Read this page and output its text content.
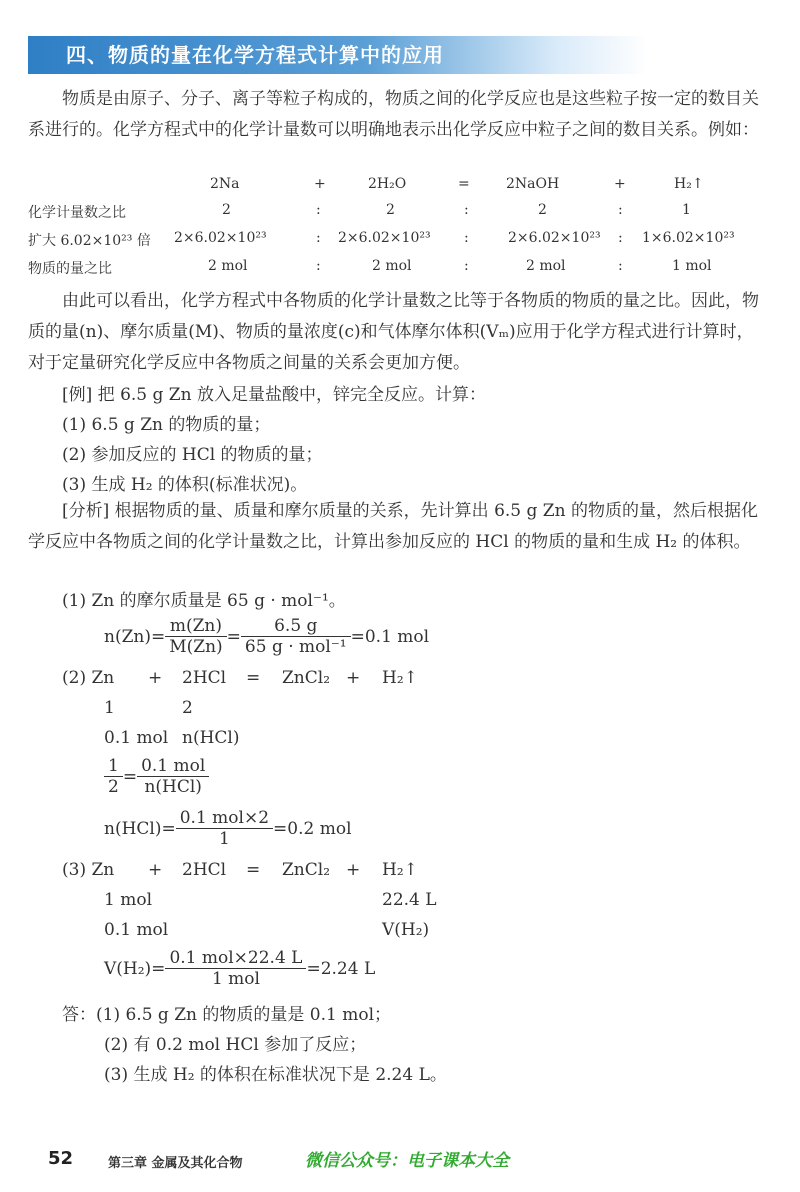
四、物质的量在化学方程式计算中的应用
物质是由原子、分子、离子等粒子构成的，物质之间的化学反应也是这些粒子按一定的数目关系进行的。化学方程式中的化学计量数可以明确地表示出化学反应中粒子之间的数目关系。例如：
2Na	+	2H₂O	=	2NaOH	+	H₂↑
化学计量数之比	2	:	2	:	2	:	1
扩大 6.02×10²³ 倍 2×6.02×10²³	: 2×6.02×10²³ :	2×6.02×10²³ : 1×6.02×10²³
物质的量之比	2 mol	:	2 mol	:	2 mol	:	1 mol
由此可以看出，化学方程式中各物质的化学计量数之比等于各物质的物质的量之比。因此，物质的量(n)、摩尔质量(M)、物质的量浓度(c)和气体摩尔体积(Vₘ)应用于化学方程式进行计算时，对于定量研究化学反应中各物质之间量的关系会更加方便。
[例] 把 6.5 g Zn 放入足量盐酸中，锌完全反应。计算：
(1) 6.5 g Zn 的物质的量；
(2) 参加反应的 HCl 的物质的量；
(3) 生成 H₂ 的体积(标准状况)。
[分析] 根据物质的量、质量和摩尔质量的关系，先计算出 6.5 g Zn 的物质的量，然后根据化学反应中各物质之间的化学计量数之比，计算出参加反应的 HCl 的物质的量和生成 H₂ 的体积。
(1) Zn 的摩尔质量是 65 g · mol⁻¹。
$n(Zn)= \frac{m(Zn)}{M(Zn)} = \frac{6.5 g}{\text{65 g · mol⁻¹}} =0.1$ mol
(2) Zn + 2HCl = ZnCl₂ + H₂↑
1	2
0.1 mol n(HCl)
$\frac{1}{2} = \frac{\text{0.1 mol}}{\text{n(HCl)}}$
$n(HCl)= \frac{\text{0.1 mol×2}}{1} =0.2$ mol
(3) Zn + 2HCl = ZnCl₂ + H₂↑
1 mol	22.4 L
0.1 mol	V(H₂)
$V(H_2)= \frac{\text{0.1 mol×22.4 L}}{\text{1 mol}} =2.24$ L
答：(1) 6.5 g Zn 的物质的量是 0.1 mol；
(2) 有 0.2 mol HCl 参加了反应；
(3) 生成 H₂ 的体积在标准状况下是 2.24 L。
52	第三章 金属及其化合物	微信公众号：电子课本大全
